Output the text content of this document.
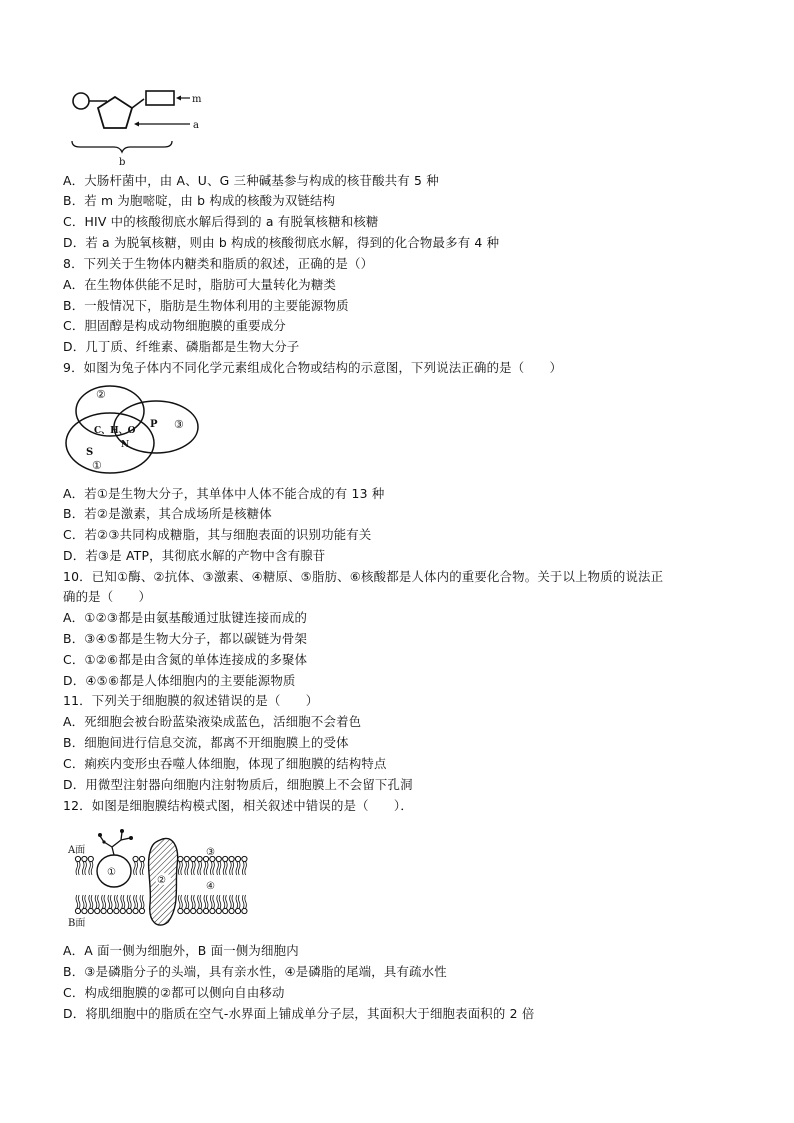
m
a
b
A．大肠杆菌中，由 A、U、G 三种碱基参与构成的核苷酸共有 5 种
B．若 m 为胞嘧啶，由 b 构成的核酸为双链结构
C．HIV 中的核酸彻底水解后得到的 a 有脱氧核糖和核糖
D．若 a 为脱氧核糖，则由 b 构成的核酸彻底水解，得到的化合物最多有 4 种
8．下列关于生物体内糖类和脂质的叙述，正确的是（）
A．在生物体供能不足时，脂肪可大量转化为糖类
B．一般情况下，脂肪是生物体利用的主要能源物质
C．胆固醇是构成动物细胞膜的重要成分
D．几丁质、纤维素、磷脂都是生物大分子
9．如图为兔子体内不同化学元素组成化合物或结构的示意图，下列说法正确的是（　　）
②
C、H、O
N
P ③
S
①
A．若①是生物大分子，其单体中人体不能合成的有 13 种
B．若②是激素，其合成场所是核糖体
C．若②③共同构成糖脂，其与细胞表面的识别功能有关
D．若③是 ATP，其彻底水解的产物中含有腺苷
10．已知①酶、②抗体、③激素、④糖原、⑤脂肪、⑥核酸都是人体内的重要化合物。关于以上物质的说法正
确的是（　　）
A．①②③都是由氨基酸通过肽键连接而成的
B．③④⑤都是生物大分子，都以碳链为骨架
C．①②⑥都是由含氮的单体连接成的多聚体
D．④⑤⑥都是人体细胞内的主要能源物质
11．下列关于细胞膜的叙述错误的是（　　）
A．死细胞会被台盼蓝染液染成蓝色，活细胞不会着色
B．细胞间进行信息交流，都离不开细胞膜上的受体
C．痢疾内变形虫吞噬人体细胞，体现了细胞膜的结构特点
D．用微型注射器向细胞内注射物质后，细胞膜上不会留下孔洞
12．如图是细胞膜结构模式图，相关叙述中错误的是（　　）．
①
②
A面
B面
③
④
A．A 面一侧为细胞外，B 面一侧为细胞内
B．③是磷脂分子的头端，具有亲水性，④是磷脂的尾端，具有疏水性
C．构成细胞膜的②都可以侧向自由移动
D．将肌细胞中的脂质在空气-水界面上铺成单分子层，其面积大于细胞表面积的 2 倍
